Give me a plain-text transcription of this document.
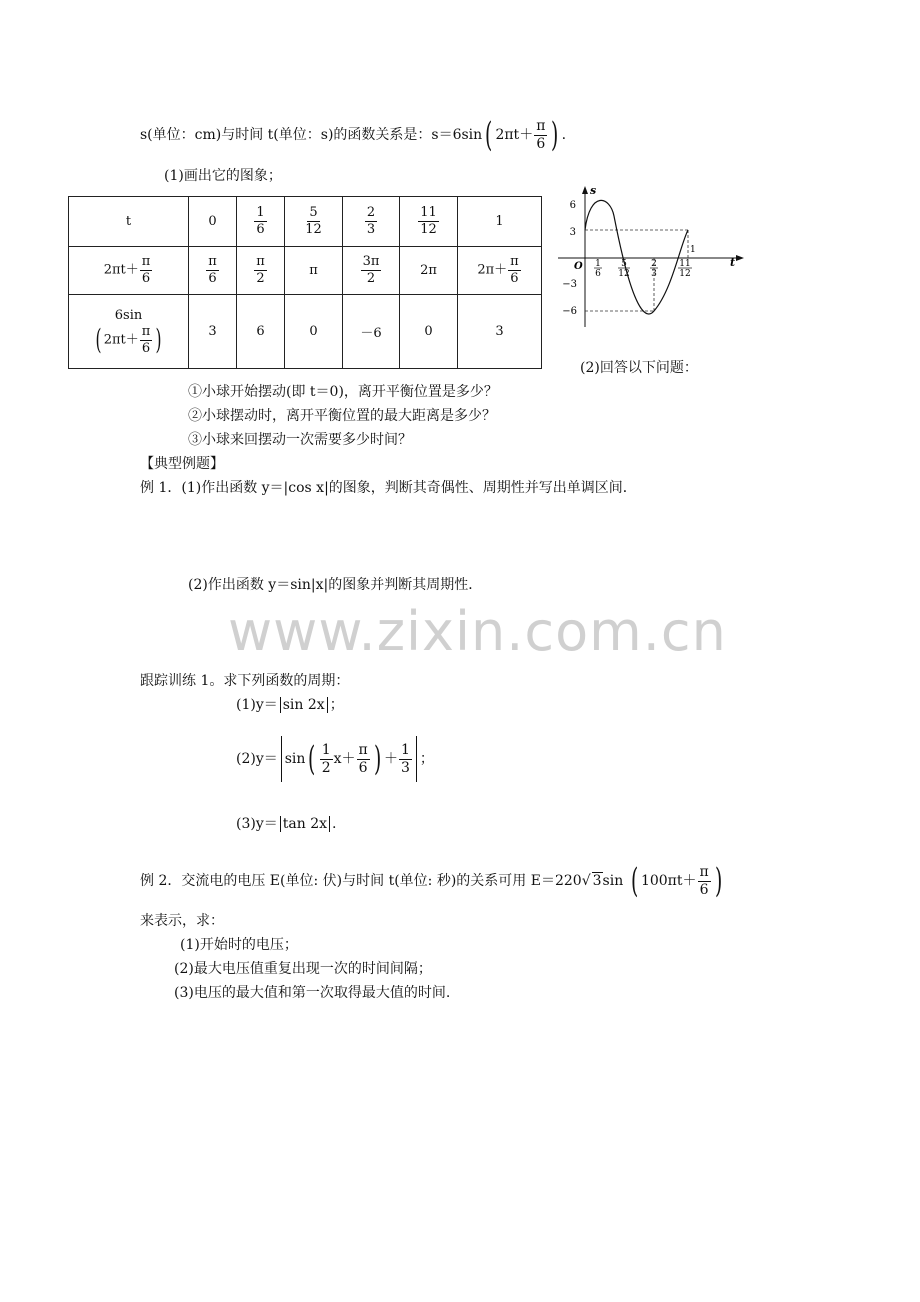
s(单位：cm)与时间 t(单位：s)的函数关系是：s＝6sin( $2\pi t+ \frac{\pi}{6}$ ) .
(1)画出它的图象；
t	0	$\frac{1}{6}$	$\frac{5}{12}$	$\frac{2}{3}$	$\frac{11}{12}$	1
$2\pi t+ \frac{\pi}{6}$	$\frac{\pi}{6}$	$\frac{\pi}{2}$	π	$\frac{3\pi}{2}$	2π	$2\pi+ \frac{\pi}{6}$

6sin
( $2\pi t+ \frac{\pi}{6}$ )	3	6	0	－6	0	3
s
t
O
6
3
−3
−6
1
6
5
12
2
3
11
12
1
(2)回答以下问题：
①小球开始摆动(即 t＝0)，离开平衡位置是多少？
②小球摆动时，离开平衡位置的最大距离是多少？
③小球来回摆动一次需要多少时间？
【典型例题】
例 1．(1)作出函数 y＝|cos x|的图象，判断其奇偶性、周期性并写出单调区间．
(2)作出函数 y＝sin|x|的图象并判断其周期性．
www.zixin.com.cn
跟踪训练 1。求下列函数的周期：
(1)y＝ sin 2x ；
$(2)y= \sin( \frac{1}{2} x+ \frac{\pi}{6}$ ) ＋ $\frac{1}{3}$ ；
(3)y＝ tan 2x .
例 2．交流电的电压 E(单位: 伏)与时间 t(单位: 秒)的关系可用 E＝220√ 3sin ( $100\pi t+ \frac{\pi}{6}$ )
来表示，求：
(1)开始时的电压；
(2)最大电压值重复出现一次的时间间隔；
(3)电压的最大值和第一次取得最大值的时间.
